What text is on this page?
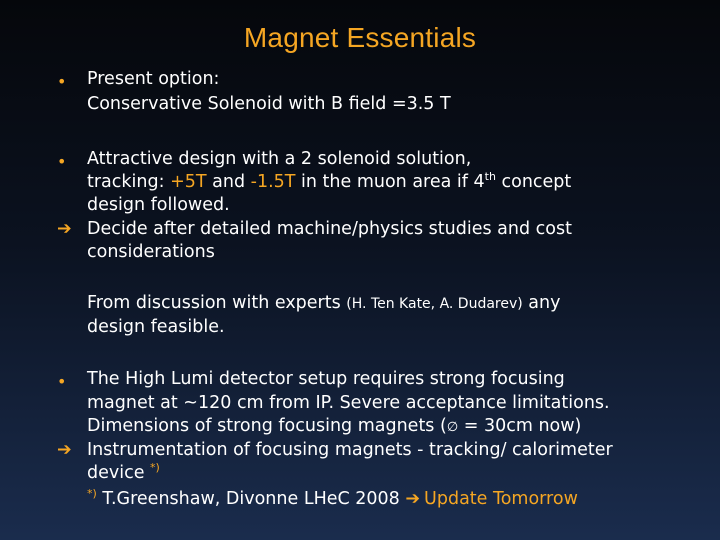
Magnet Essentials
• Present option:
Conservative Solenoid with B field =3.5 T
• Attractive design with a 2 solenoid solution,
tracking: +5T and -1.5T in the muon area if 4th concept
design followed.
➔ Decide after detailed machine/physics studies and cost
considerations
From discussion with experts (H. Ten Kate, A. Dudarev) any
design feasible.
• The High Lumi detector setup requires strong focusing
magnet at ~120 cm from IP. Severe acceptance limitations.
Dimensions of strong focusing magnets (∅ = 30cm now)
➔ Instrumentation of focusing magnets - tracking/ calorimeter
device *)
*) T.Greenshaw, Divonne LHeC 2008 ➔ Update Tomorrow
